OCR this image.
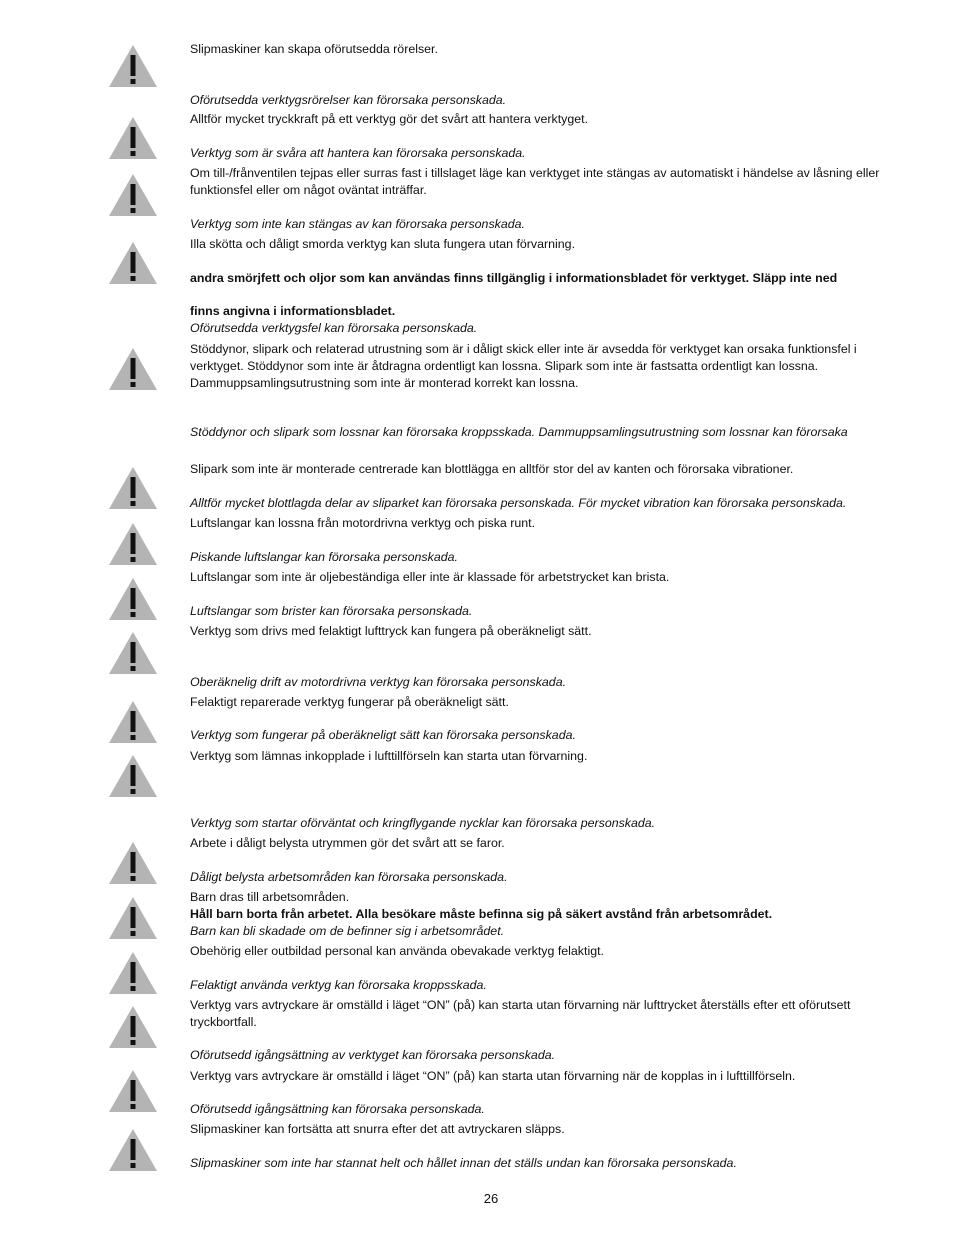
Slipmaskiner kan skapa oförutsedda rörelser.
Oförutsedda verktygsrörelser kan förorsaka personskada.
Alltför mycket tryckkraft på ett verktyg gör det svårt att hantera verktyget.
Verktyg som är svåra att hantera kan förorsaka personskada.
Om till-/frånventilen tejpas eller surras fast i tillslaget läge kan verktyget inte stängas av automatiskt i händelse av låsning eller funktionsfel eller om något oväntat inträffar.
Verktyg som inte kan stängas av kan förorsaka personskada.
Illa skötta och dåligt smorda verktyg kan sluta fungera utan förvarning.
andra smörjfett och oljor som kan användas finns tillgänglig i informationsbladet för verktyget. Släpp inte ned
finns angivna i informationsbladet.
Oförutsedda verktygsfel kan förorsaka personskada.
Stöddynor, slipark och relaterad utrustning som är i dåligt skick eller inte är avsedda för verktyget kan orsaka funktionsfel i verktyget. Stöddynor som inte är åtdragna ordentligt kan lossna. Slipark som inte är fastsatta ordentligt kan lossna. Dammuppsamlingsutrustning som inte är monterad korrekt kan lossna.
Stöddynor och slipark som lossnar kan förorsaka kroppsskada. Dammuppsamlingsutrustning som lossnar kan förorsaka
Slipark som inte är monterade centrerade kan blottlägga en alltför stor del av kanten och förorsaka vibrationer.
Alltför mycket blottlagda delar av sliparket kan förorsaka personskada. För mycket vibration kan förorsaka personskada.
Luftslangar kan lossna från motordrivna verktyg och piska runt.
Piskande luftslangar kan förorsaka personskada.
Luftslangar som inte är oljebeständiga eller inte är klassade för arbetstrycket kan brista.
Luftslangar som brister kan förorsaka personskada.
Verktyg som drivs med felaktigt lufttryck kan fungera på oberäkneligt sätt.
Oberäknelig drift av motordrivna verktyg kan förorsaka personskada.
Felaktigt reparerade verktyg fungerar på oberäkneligt sätt.
Verktyg som fungerar på oberäkneligt sätt kan förorsaka personskada.
Verktyg som lämnas inkopplade i lufttillförseln kan starta utan förvarning.
Verktyg som startar oförväntat och kringflygande nycklar kan förorsaka personskada.
Arbete i dåligt belysta utrymmen gör det svårt att se faror.
Dåligt belysta arbetsområden kan förorsaka personskada.
Barn dras till arbetsområden.
Håll barn borta från arbetet. Alla besökare måste befinna sig på säkert avstånd från arbetsområdet.
Barn kan bli skadade om de befinner sig i arbetsområdet.
Obehörig eller outbildad personal kan använda obevakade verktyg felaktigt.
Felaktigt använda verktyg kan förorsaka kroppsskada.
Verktyg vars avtryckare är omställd i läget “ON” (på) kan starta utan förvarning när lufttrycket återställs efter ett oförutsett tryckbortfall.
Oförutsedd igångsättning av verktyget kan förorsaka personskada.
Verktyg vars avtryckare är omställd i läget “ON” (på) kan starta utan förvarning när de kopplas in i lufttillförseln.
Oförutsedd igångsättning kan förorsaka personskada.
Slipmaskiner kan fortsätta att snurra efter det att avtryckaren släpps.
Slipmaskiner som inte har stannat helt och hållet innan det ställs undan kan förorsaka personskada.
26
